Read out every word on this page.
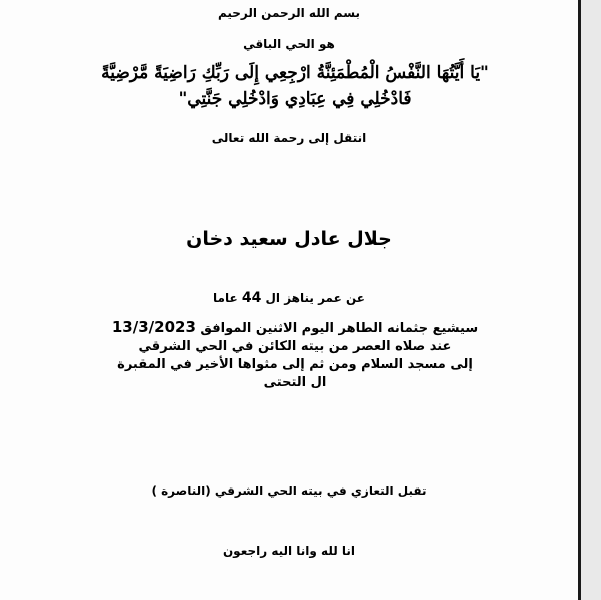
بسم الله الرحمن الرحيم
هو الحي الباقي
"يَا أَيَّتُهَا النَّفْسُ الْمُطْمَئِنَّةُ ارْجِعِي إِلَى رَبِّكِ رَاضِيَةً مَّرْضِيَّةً فَادْخُلِي فِي عِبَادِي وَادْخُلِي جَنَّتِي"
انتقل إلى رحمة الله تعالى
جلال عادل سعيد دخان
عن عمر يناهز ال 44 عاما
سيشيع جثمانه الطاهر اليوم الاثنين الموافق 13/3/2023 عند صلاه العصر من بيته الكائن في الحي الشرقي
إلى مسجد السلام ومن ثم إلى مثواها الأخير في المقبرة ال التحتى
تقبل التعازي في بيته الحي الشرقي (الناصرة )
انا لله وانا اليه راجعون
